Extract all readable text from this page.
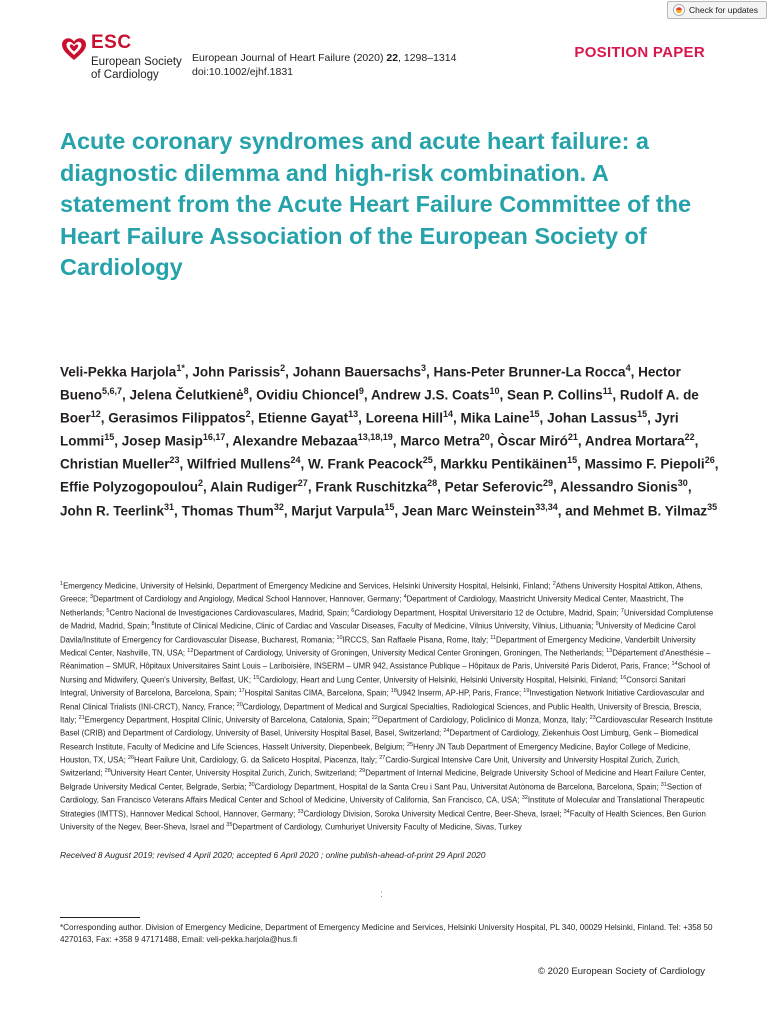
Check for updates
ESC
European Society
of Cardiology
European Journal of Heart Failure (2020) 22, 1298–1314
doi:10.1002/ejhf.1831
POSITION PAPER
Acute coronary syndromes and acute heart failure: a diagnostic dilemma and high-risk combination. A statement from the Acute Heart Failure Committee of the Heart Failure Association of the European Society of Cardiology

Veli-Pekka Harjola$^{1*}$, John Parissis$^2$, Johann Bauersachs$^3$, Hans-Peter Brunner-La Rocca$^4$, Hector Bueno$^{5,6,7}$, Jelena Čelutkienė$^8$, Ovidiu Chioncel$^9$, Andrew J.S. Coats$^{10}$, Sean P. Collins$^{11}$, Rudolf A. de Boer$^{12}$, Gerasimos Filippatos$^2$, Etienne Gayat$^{13}$, Loreena Hill$^{14}$, Mika Laine$^{15}$, Johan Lassus$^{15}$, Jyri Lommi$^{15}$, Josep Masip$^{16,17}$, Alexandre Mebazaa$^{13,18,19}$, Marco Metra$^{20}$, Òscar Miró$^{21}$, Andrea Mortara$^{22}$, Christian Mueller$^{23}$, Wilfried Mullens$^{24}$, W. Frank Peacock$^{25}$, Markku Pentikäinen$^{15}$, Massimo F. Piepoli$^{26}$, Effie Polyzogopoulou$^2$, Alain Rudiger$^{27}$, Frank Ruschitzka$^{28}$, Petar Seferovic$^{29}$, Alessandro Sionis$^{30}$, John R. Teerlink$^{31}$, Thomas Thum$^{32}$, Marjut Varpula$^{15}$, Jean Marc Weinstein$^{33,34}$, and Mehmet B. Yilmaz$^{35}$

$^1$Emergency Medicine, University of Helsinki, Department of Emergency Medicine and Services, Helsinki University Hospital, Helsinki, Finland; $^2$Athens University Hospital Attikon, Athens, Greece; $^3$Department of Cardiology and Angiology, Medical School Hannover, Hannover, Germany; $^4$Department of Cardiology, Maastricht University Medical Center, Maastricht, The Netherlands; $^5$Centro Nacional de Investigaciones Cardiovasculares, Madrid, Spain; $^6$Cardiology Department, Hospital Universitario 12 de Octubre, Madrid, Spain; $^7$Universidad Complutense de Madrid, Madrid, Spain; $^8$Institute of Clinical Medicine, Clinic of Cardiac and Vascular Diseases, Faculty of Medicine, Vilnius University, Vilnius, Lithuania; $^9$University of Medicine Carol Davila/Institute of Emergency for Cardiovascular Disease, Bucharest, Romania; $^{10}$IRCCS, San Raffaele Pisana, Rome, Italy; $^{11}$Department of Emergency Medicine, Vanderbilt University Medical Center, Nashville, TN, USA; $^{12}$Department of Cardiology, University of Groningen, University Medical Center Groningen, Groningen, The Netherlands; $^{13}$Département d'Anesthésie – Réanimation – SMUR, Hôpitaux Universitaires Saint Louis – Lariboisière, INSERM – UMR 942, Assistance Publique – Hôpitaux de Paris, Université Paris Diderot, Paris, France; $^{14}$School of Nursing and Midwifery, Queen's University, Belfast, UK; $^{15}$Cardiology, Heart and Lung Center, University of Helsinki, Helsinki University Hospital, Helsinki, Finland; $^{16}$Consorci Sanitari Integral, University of Barcelona, Barcelona, Spain; $^{17}$Hospital Sanitas CIMA, Barcelona, Spain; $^{18}$U942 Inserm, AP-HP, Paris, France; $^{19}$Investigation Network Initiative Cardiovascular and Renal Clinical Trialists (INI-CRCT), Nancy, France; $^{20}$Cardiology, Department of Medical and Surgical Specialties, Radiological Sciences, and Public Health, University of Brescia, Brescia, Italy; $^{21}$Emergency Department, Hospital Clínic, University of Barcelona, Catalonia, Spain; $^{22}$Department of Cardiology, Policlinico di Monza, Monza, Italy; $^{23}$Cardiovascular Research Institute Basel (CRIB) and Department of Cardiology, University of Basel, University Hospital Basel, Basel, Switzerland; $^{24}$Department of Cardiology, Ziekenhuis Oost Limburg, Genk – Biomedical Research Institute, Faculty of Medicine and Life Sciences, Hasselt University, Diepenbeek, Belgium; $^{25}$Henry JN Taub Department of Emergency Medicine, Baylor College of Medicine, Houston, TX, USA; $^{26}$Heart Failure Unit, Cardiology, G. da Saliceto Hospital, Piacenza, Italy; $^{27}$Cardio-Surgical Intensive Care Unit, University and University Hospital Zurich, Zurich, Switzerland; $^{28}$University Heart Center, University Hospital Zurich, Zurich, Switzerland; $^{29}$Department of Internal Medicine, Belgrade University School of Medicine and Heart Failure Center, Belgrade University Medical Center, Belgrade, Serbia; $^{30}$Cardiology Department, Hospital de la Santa Creu i Sant Pau, Universitat Autònoma de Barcelona, Barcelona, Spain; $^{31}$Section of Cardiology, San Francisco Veterans Affairs Medical Center and School of Medicine, University of California, San Francisco, CA, USA; $^{32}$Institute of Molecular and Translational Therapeutic Strategies (IMTTS), Hannover Medical School, Hannover, Germany; $^{33}$Cardiology Division, Soroka University Medical Centre, Beer-Sheva, Israel; $^{34}$Faculty of Health Sciences, Ben Gurion University of the Negev, Beer-Sheva, Israel and $^{35}$Department of Cardiology, Cumhuriyet University Faculty of Medicine, Sivas, Turkey

Received 8 August 2019; revised 4 April 2020; accepted 6 April 2020 ; online publish-ahead-of-print 29 April 2020
:

*Corresponding author. Division of Emergency Medicine, Department of Emergency Medicine and Services, Helsinki University Hospital, PL 340, 00029 Helsinki, Finland. Tel: +358 50 4270163, Fax: +358 9 47171488, Email: veli-pekka.harjola@hus.fi

© 2020 European Society of Cardiology
